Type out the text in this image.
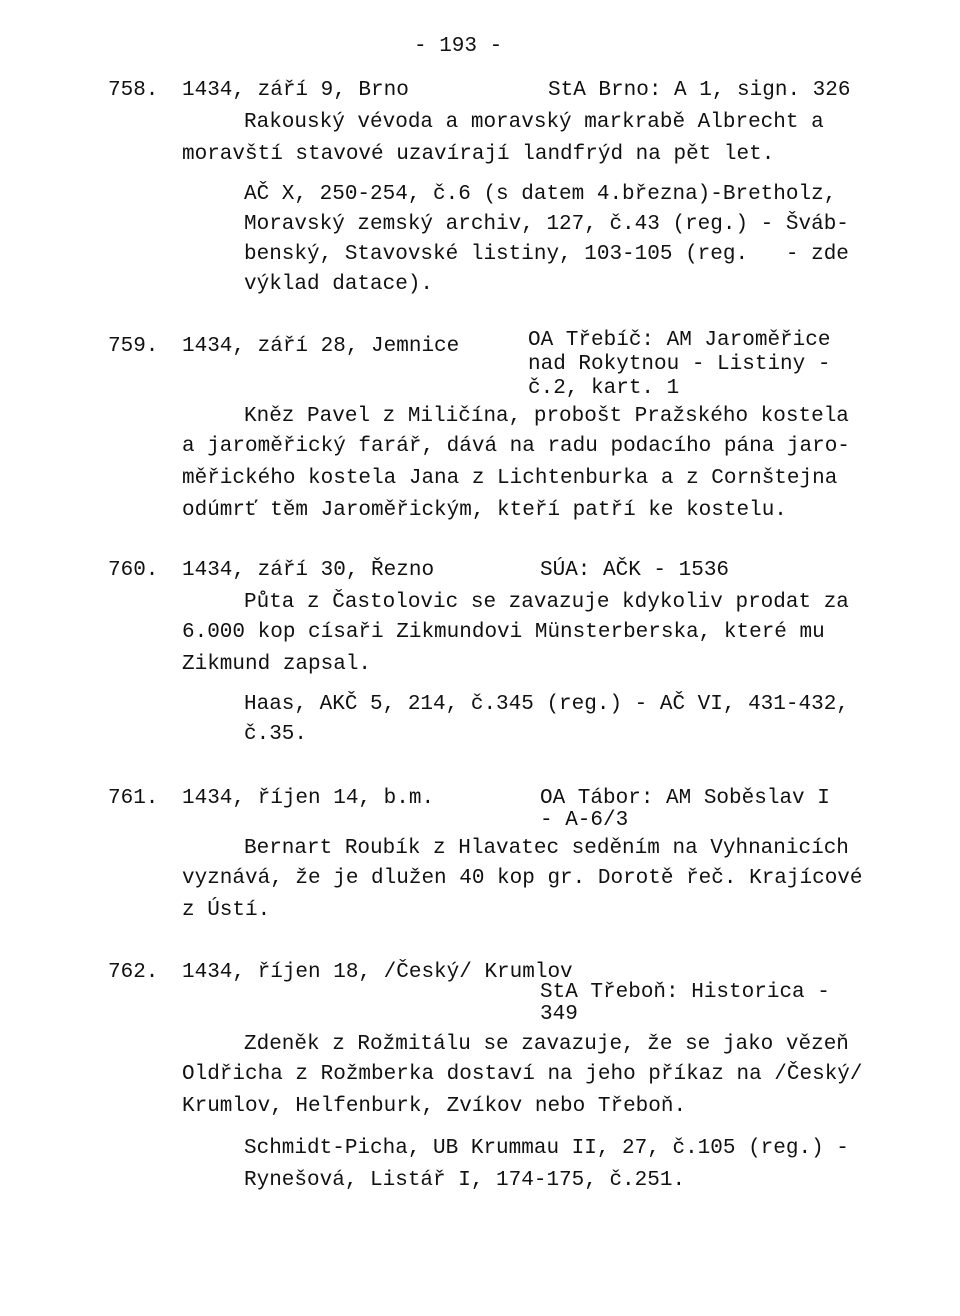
- 193 -
758. 1434, září 9, Brno	StA Brno: A 1, sign. 326
Rakouský vévoda a moravský markrabě Albrecht a
moravští stavové uzavírají landfrýd na pět let.
AČ X, 250-254, č.6 (s datem 4.března)-Bretholz,
Moravský zemský archiv, 127, č.43 (reg.) - Šváb-
benský, Stavovské listiny, 103-105 (reg.   - zde
výklad datace).
759. 1434, září 28, Jemnice	OA Třebíč: AM Jaroměřice
nad Rokytnou - Listiny -
č.2, kart. 1
Kněz Pavel z Miličína, probošt Pražského kostela
a jaroměřický farář, dává na radu podacího pána jaro-
měřického kostela Jana z Lichtenburka a z Cornštejna
odúmrť těm Jaroměřickým, kteří patří ke kostelu.
760. 1434, září 30, Řezno	SÚA: AČK - 1536
Půta z Častolovic se zavazuje kdykoliv prodat za
6.000 kop císaři Zikmundovi Münsterberska, které mu
Zikmund zapsal.
Haas, AKČ 5, 214, č.345 (reg.) - AČ VI, 431-432,
č.35.
761. 1434, říjen 14, b.m.	OA Tábor: AM Soběslav I
- A-6/3
Bernart Roubík z Hlavatec seděním na Vyhnanicích
vyznává, že je dlužen 40 kop gr. Dorotě řeč. Krajícové
z Ústí.
762. 1434, říjen 18, /Český/ Krumlov
StA Třeboň: Historica -
349
Zdeněk z Rožmitálu se zavazuje, že se jako vězeň
Oldřicha z Rožmberka dostaví na jeho příkaz na /Český/
Krumlov, Helfenburk, Zvíkov nebo Třeboň.
Schmidt-Picha, UB Krummau II, 27, č.105 (reg.) -
Rynešová, Listář I, 174-175, č.251.
